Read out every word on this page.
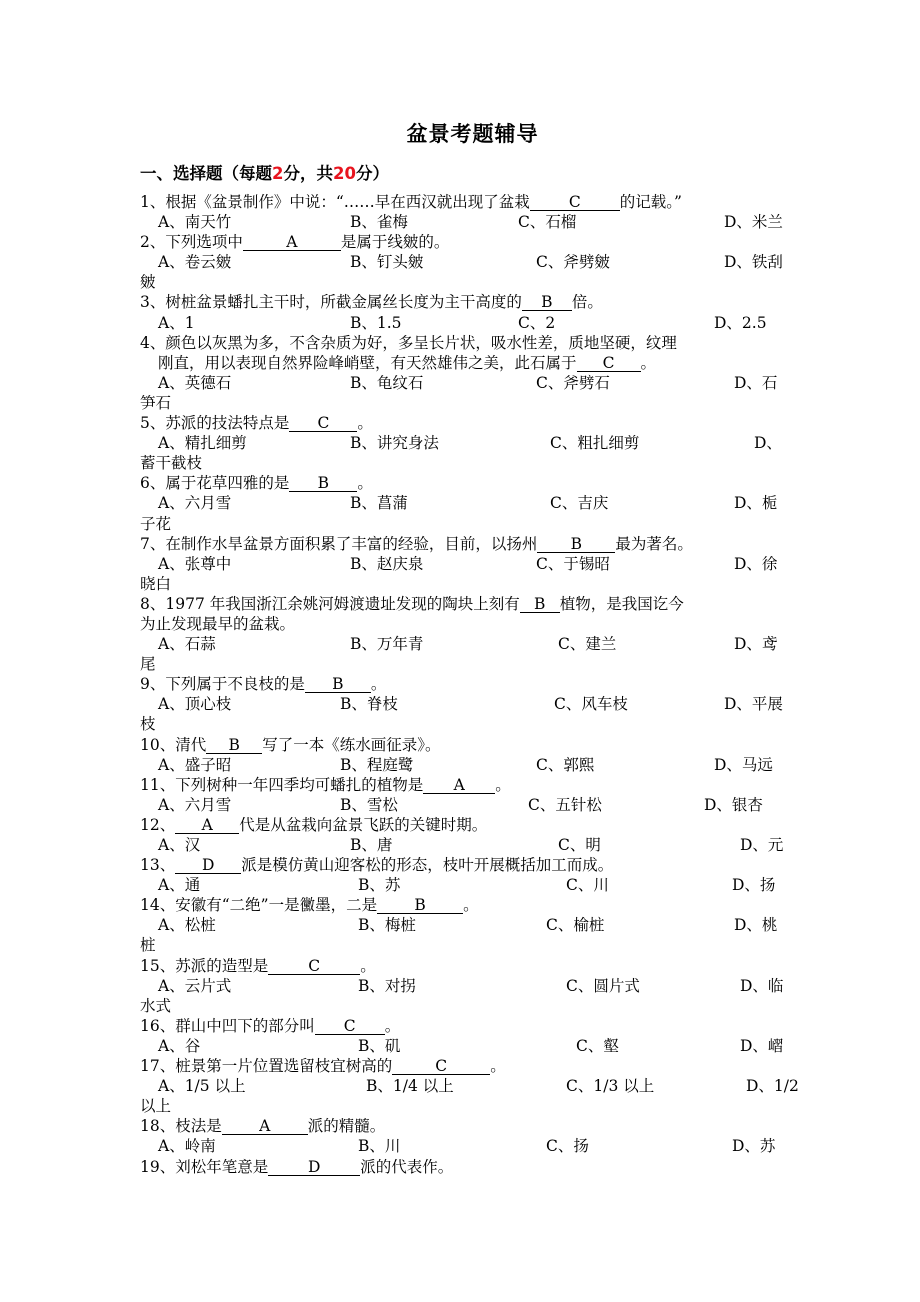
盆景考题辅导
一、选择题（每题2分，共20分）
1、根据《盆景制作》中说：“……早在西汉就出现了盆栽	C	的记载。”
A、南天竹	B、雀梅	C、石榴	D、米兰
2、下列选项中	A	是属于线皴的。
A、卷云皴	B、钉头皴	C、斧劈皴	D、铁刮
皴
3、树桩盆景蟠扎主干时，所截金属丝长度为主干高度的 B 倍。
A、1	B、1.5	C、2	D、2.5
4、颜色以灰黑为多，不含杂质为好，多呈长片状，吸水性差，质地坚硬，纹理
刚直，用以表现自然界险峰峭壁，有天然雄伟之美，此石属于 C 。
A、英德石	B、龟纹石	C、斧劈石	D、石
笋石
5、苏派的技法特点是 C 。
A、精扎细剪	B、讲究身法	C、粗扎细剪	D、
蓄干截枝
6、属于花草四雅的是 B 。
A、六月雪	B、菖蒲	C、吉庆	D、栀
子花
7、在制作水旱盆景方面积累了丰富的经验，目前，以扬州 B 最为著名。
A、张尊中	B、赵庆泉	C、于锡昭	D、徐
晓白
8、1977 年我国浙江余姚河姆渡遗址发现的陶块上刻有 B 植物，是我国讫今
为止发现最早的盆栽。
A、石蒜	B、万年青	C、建兰	D、鸢
尾
9、下列属于不良枝的是 B 。
A、顶心枝	B、脊枝	C、风车枝	D、平展
枝
10、清代 B 写了一本《练水画征录》。
A、盛子昭	B、程庭鹭	C、郭熙	D、马远
11、下列树种一年四季均可蟠扎的植物是 A 。
A、六月雪	B、雪松	C、五针松	D、银杏
12、 A 代是从盆栽向盆景飞跃的关键时期。
A、汉	B、唐	C、明	D、元
13、 D 派是模仿黄山迎客松的形态，枝叶开展概括加工而成。
A、通	B、苏	C、川	D、扬
14、安徽有“二绝”一是黴墨，二是 B 。
A、松桩	B、梅桩	C、榆桩	D、桃
桩
15、苏派的造型是	C	。
A、云片式	B、对拐	C、圆片式	D、临
水式
16、群山中凹下的部分叫 C 。
A、谷	B、矶	C、壑	D、嶍
17、桩景第一片位置选留枝宜树高的	C	。
A、1/5 以上	B、1/4 以上	C、1/3 以上	D、1/2
以上
18、枝法是 A 派的精髓。
A、岭南	B、川	C、扬	D、苏
19、刘松年笔意是	D	派的代表作。
